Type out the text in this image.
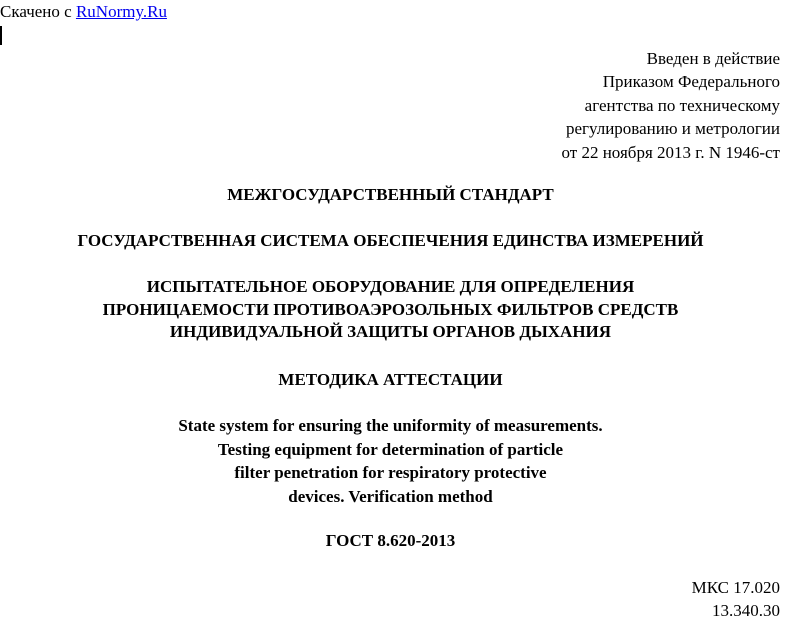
Скачено с RuNormy.Ru
Введен в действие
Приказом Федерального
агентства по техническому
регулированию и метрологии
от 22 ноября 2013 г. N 1946-ст
МЕЖГОСУДАРСТВЕННЫЙ СТАНДАРТ
ГОСУДАРСТВЕННАЯ СИСТЕМА ОБЕСПЕЧЕНИЯ ЕДИНСТВА ИЗМЕРЕНИЙ
ИСПЫТАТЕЛЬНОЕ ОБОРУДОВАНИЕ ДЛЯ ОПРЕДЕЛЕНИЯ
ПРОНИЦАЕМОСТИ ПРОТИВОАЭРОЗОЛЬНЫХ ФИЛЬТРОВ СРЕДСТВ
ИНДИВИДУАЛЬНОЙ ЗАЩИТЫ ОРГАНОВ ДЫХАНИЯ
МЕТОДИКА АТТЕСТАЦИИ
State system for ensuring the uniformity of measurements.
Testing equipment for determination of particle
filter penetration for respiratory protective
devices. Verification method
ГОСТ 8.620-2013
МКС 17.020
13.340.30
